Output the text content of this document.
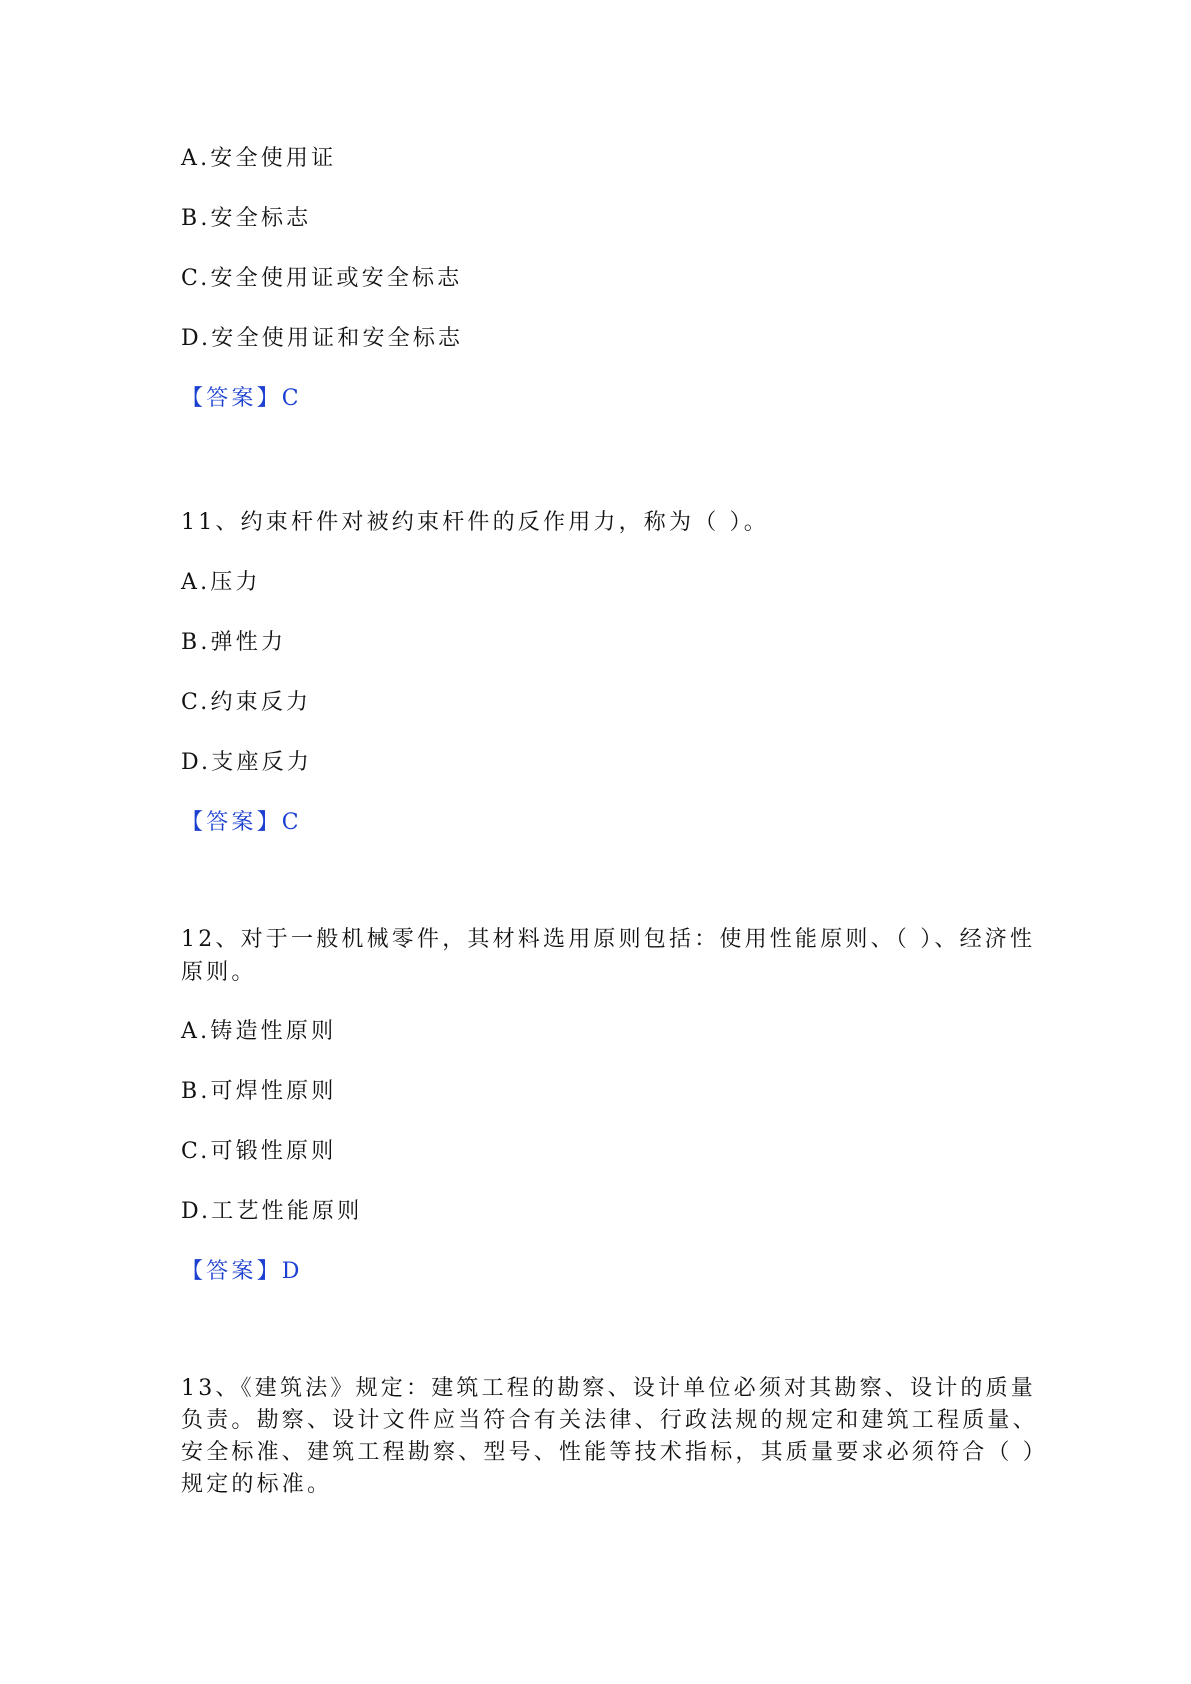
A.安全使用证
B.安全标志
C.安全使用证或安全标志
D.安全使用证和安全标志
【答案】C
11、约束杆件对被约束杆件的反作用力，称为（ ）。
A.压力
B.弹性力
C.约束反力
D.支座反力
【答案】C
12、对于一般机械零件，其材料选用原则包括：使用性能原则、（ ）、经济性
原则。
A.铸造性原则
B.可焊性原则
C.可锻性原则
D.工艺性能原则
【答案】D
13、《建筑法》规定：建筑工程的勘察、设计单位必须对其勘察、设计的质量
负责。勘察、设计文件应当符合有关法律、行政法规的规定和建筑工程质量、
安全标准、建筑工程勘察、型号、性能等技术指标，其质量要求必须符合（ ）
规定的标准。
